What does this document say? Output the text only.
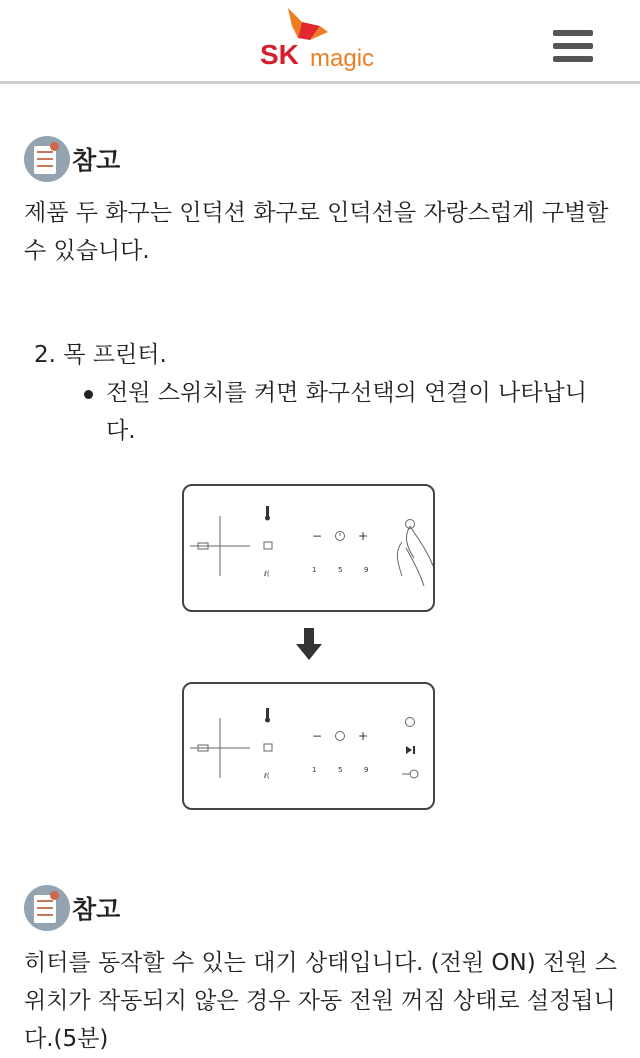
SK magic
참고
제품 두 화구는 인덕션 화구로 인덕션을 자랑스럽게 구별할 수 있습니다.
2. 목 프린터.
전원 스위치를 켜면 화구선택의 연결이 나타납니다.
ℓ(
−	+
1	5	9
ℓ(
−	+
1	5	9
참고
히터를 동작할 수 있는 대기 상태입니다. (전원 ON) 전원 스위치가 작동되지 않은 경우 자동 전원 꺼짐 상태로 설정됩니다.(5분)
